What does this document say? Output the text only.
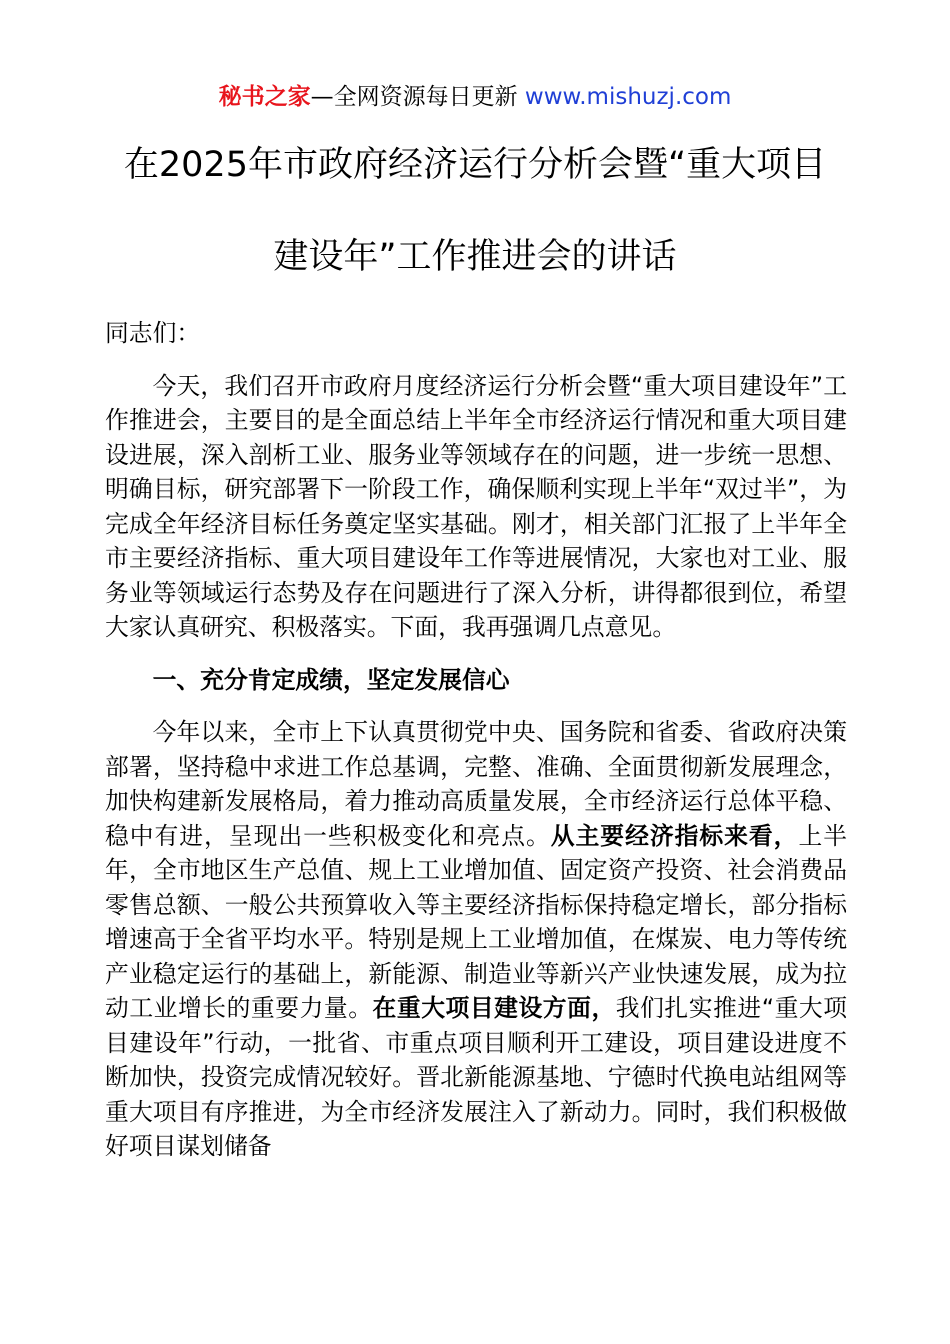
秘书之家—全网资源每日更新 www.mishuzj.com
在2025年市政府经济运行分析会暨“重大项目
建设年”工作推进会的讲话

同志们：

今天，我们召开市政府月度经济运行分析会暨“重大项目建设年”工作推进会，主要目的是全面总结上半年全市经济运行情况和重大项目建设进展，深入剖析工业、服务业等领域存在的问题，进一步统一思想、明确目标，研究部署下一阶段工作，确保顺利实现上半年“双过半”，为完成全年经济目标任务奠定坚实基础。刚才，相关部门汇报了上半年全市主要经济指标、重大项目建设年工作等进展情况，大家也对工业、服务业等领域运行态势及存在问题进行了深入分析，讲得都很到位，希望大家认真研究、积极落实。下面，我再强调几点意见。

一、充分肯定成绩，坚定发展信心

今年以来，全市上下认真贯彻党中央、国务院和省委、省政府决策部署，坚持稳中求进工作总基调，完整、准确、全面贯彻新发展理念，加快构建新发展格局，着力推动高质量发展，全市经济运行总体平稳、稳中有进，呈现出一些积极变化和亮点。从主要经济指标来看，上半年，全市地区生产总值、规上工业增加值、固定资产投资、社会消费品零售总额、一般公共预算收入等主要经济指标保持稳定增长，部分指标增速高于全省平均水平。特别是规上工业增加值，在煤炭、电力等传统产业稳定运行的基础上，新能源、制造业等新兴产业快速发展，成为拉动工业增长的重要力量。在重大项目建设方面，我们扎实推进“重大项目建设年”行动，一批省、市重点项目顺利开工建设，项目建设进度不断加快，投资完成情况较好。晋北新能源基地、宁德时代换电站组网等重大项目有序推进，为全市经济发展注入了新动力。同时，我们积极做好项目谋划储备
